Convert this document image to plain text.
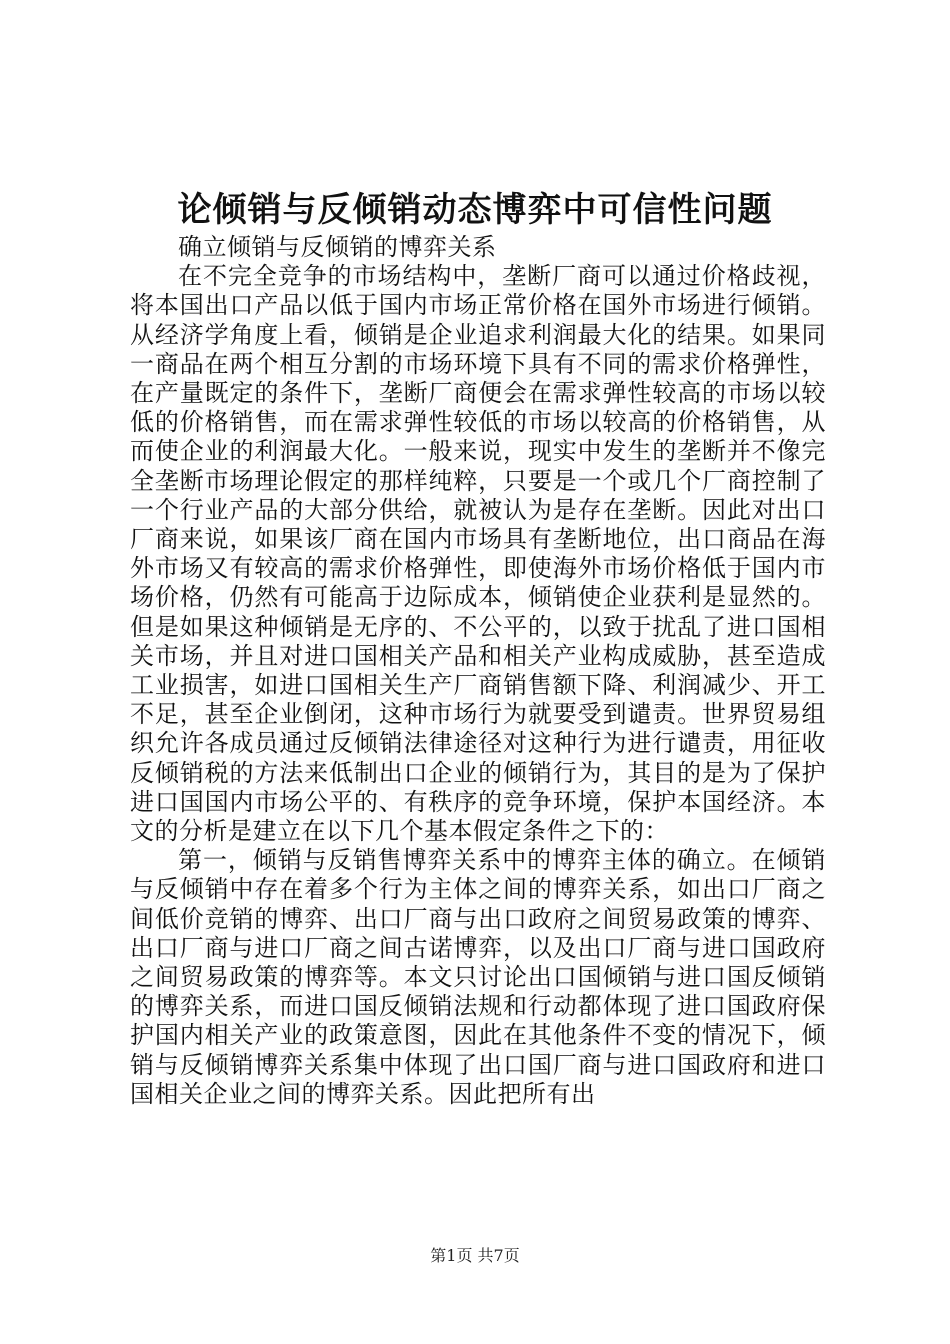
论倾销与反倾销动态博弈中可信性问题

确立倾销与反倾销的博弈关系

在不完全竞争的市场结构中，垄断厂商可以通过价格歧视，将本国出口产品以低于国内市场正常价格在国外市场进行倾销。从经济学角度上看，倾销是企业追求利润最大化的结果。如果同一商品在两个相互分割的市场环境下具有不同的需求价格弹性，在产量既定的条件下，垄断厂商便会在需求弹性较高的市场以较低的价格销售，而在需求弹性较低的市场以较高的价格销售，从而使企业的利润最大化。一般来说，现实中发生的垄断并不像完全垄断市场理论假定的那样纯粹，只要是一个或几个厂商控制了一个行业产品的大部分供给，就被认为是存在垄断。因此对出口厂商来说，如果该厂商在国内市场具有垄断地位，出口商品在海外市场又有较高的需求价格弹性，即使海外市场价格低于国内市场价格，仍然有可能高于边际成本，倾销使企业获利是显然的。但是如果这种倾销是无序的、不公平的，以致于扰乱了进口国相关市场，并且对进口国相关产品和相关产业构成威胁，甚至造成工业损害，如进口国相关生产厂商销售额下降、利润减少、开工不足，甚至企业倒闭，这种市场行为就要受到谴责。世界贸易组织允许各成员通过反倾销法律途径对这种行为进行谴责，用征收反倾销税的方法来低制出口企业的倾销行为，其目的是为了保护进口国国内市场公平的、有秩序的竞争环境，保护本国经济。本文的分析是建立在以下几个基本假定条件之下的：

第一，倾销与反销售博弈关系中的博弈主体的确立。在倾销与反倾销中存在着多个行为主体之间的博弈关系，如出口厂商之间低价竞销的博弈、出口厂商与出口政府之间贸易政策的博弈、出口厂商与进口厂商之间古诺博弈，以及出口厂商与进口国政府之间贸易政策的博弈等。本文只讨论出口国倾销与进口国反倾销的博弈关系，而进口国反倾销法规和行动都体现了进口国政府保护国内相关产业的政策意图，因此在其他条件不变的情况下，倾销与反倾销博弈关系集中体现了出口国厂商与进口国政府和进口国相关企业之间的博弈关系。因此把所有出

第1页 共7页
